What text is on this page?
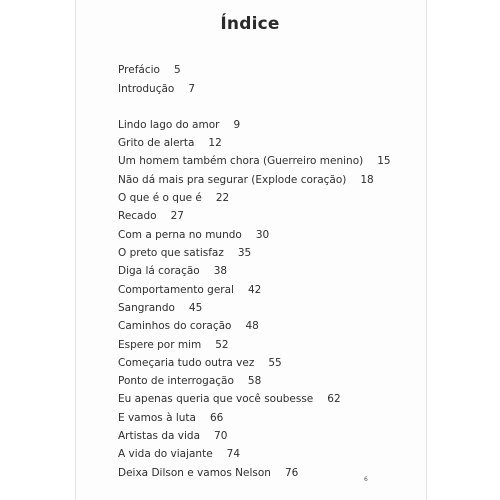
Índice
Prefácio 5
Introdução 7
Lindo lago do amor 9
Grito de alerta 12
Um homem também chora (Guerreiro menino) 15
Não dá mais pra segurar (Explode coração) 18
O que é o que é 22
Recado 27
Com a perna no mundo 30
O preto que satisfaz 35
Diga lá coração 38
Comportamento geral 42
Sangrando 45
Caminhos do coração 48
Espere por mim 52
Começaria tudo outra vez 55
Ponto de interrogação 58
Eu apenas queria que você soubesse 62
E vamos à luta 66
Artistas da vida 70
A vida do viajante 74
Deixa Dilson e vamos Nelson 76
6
